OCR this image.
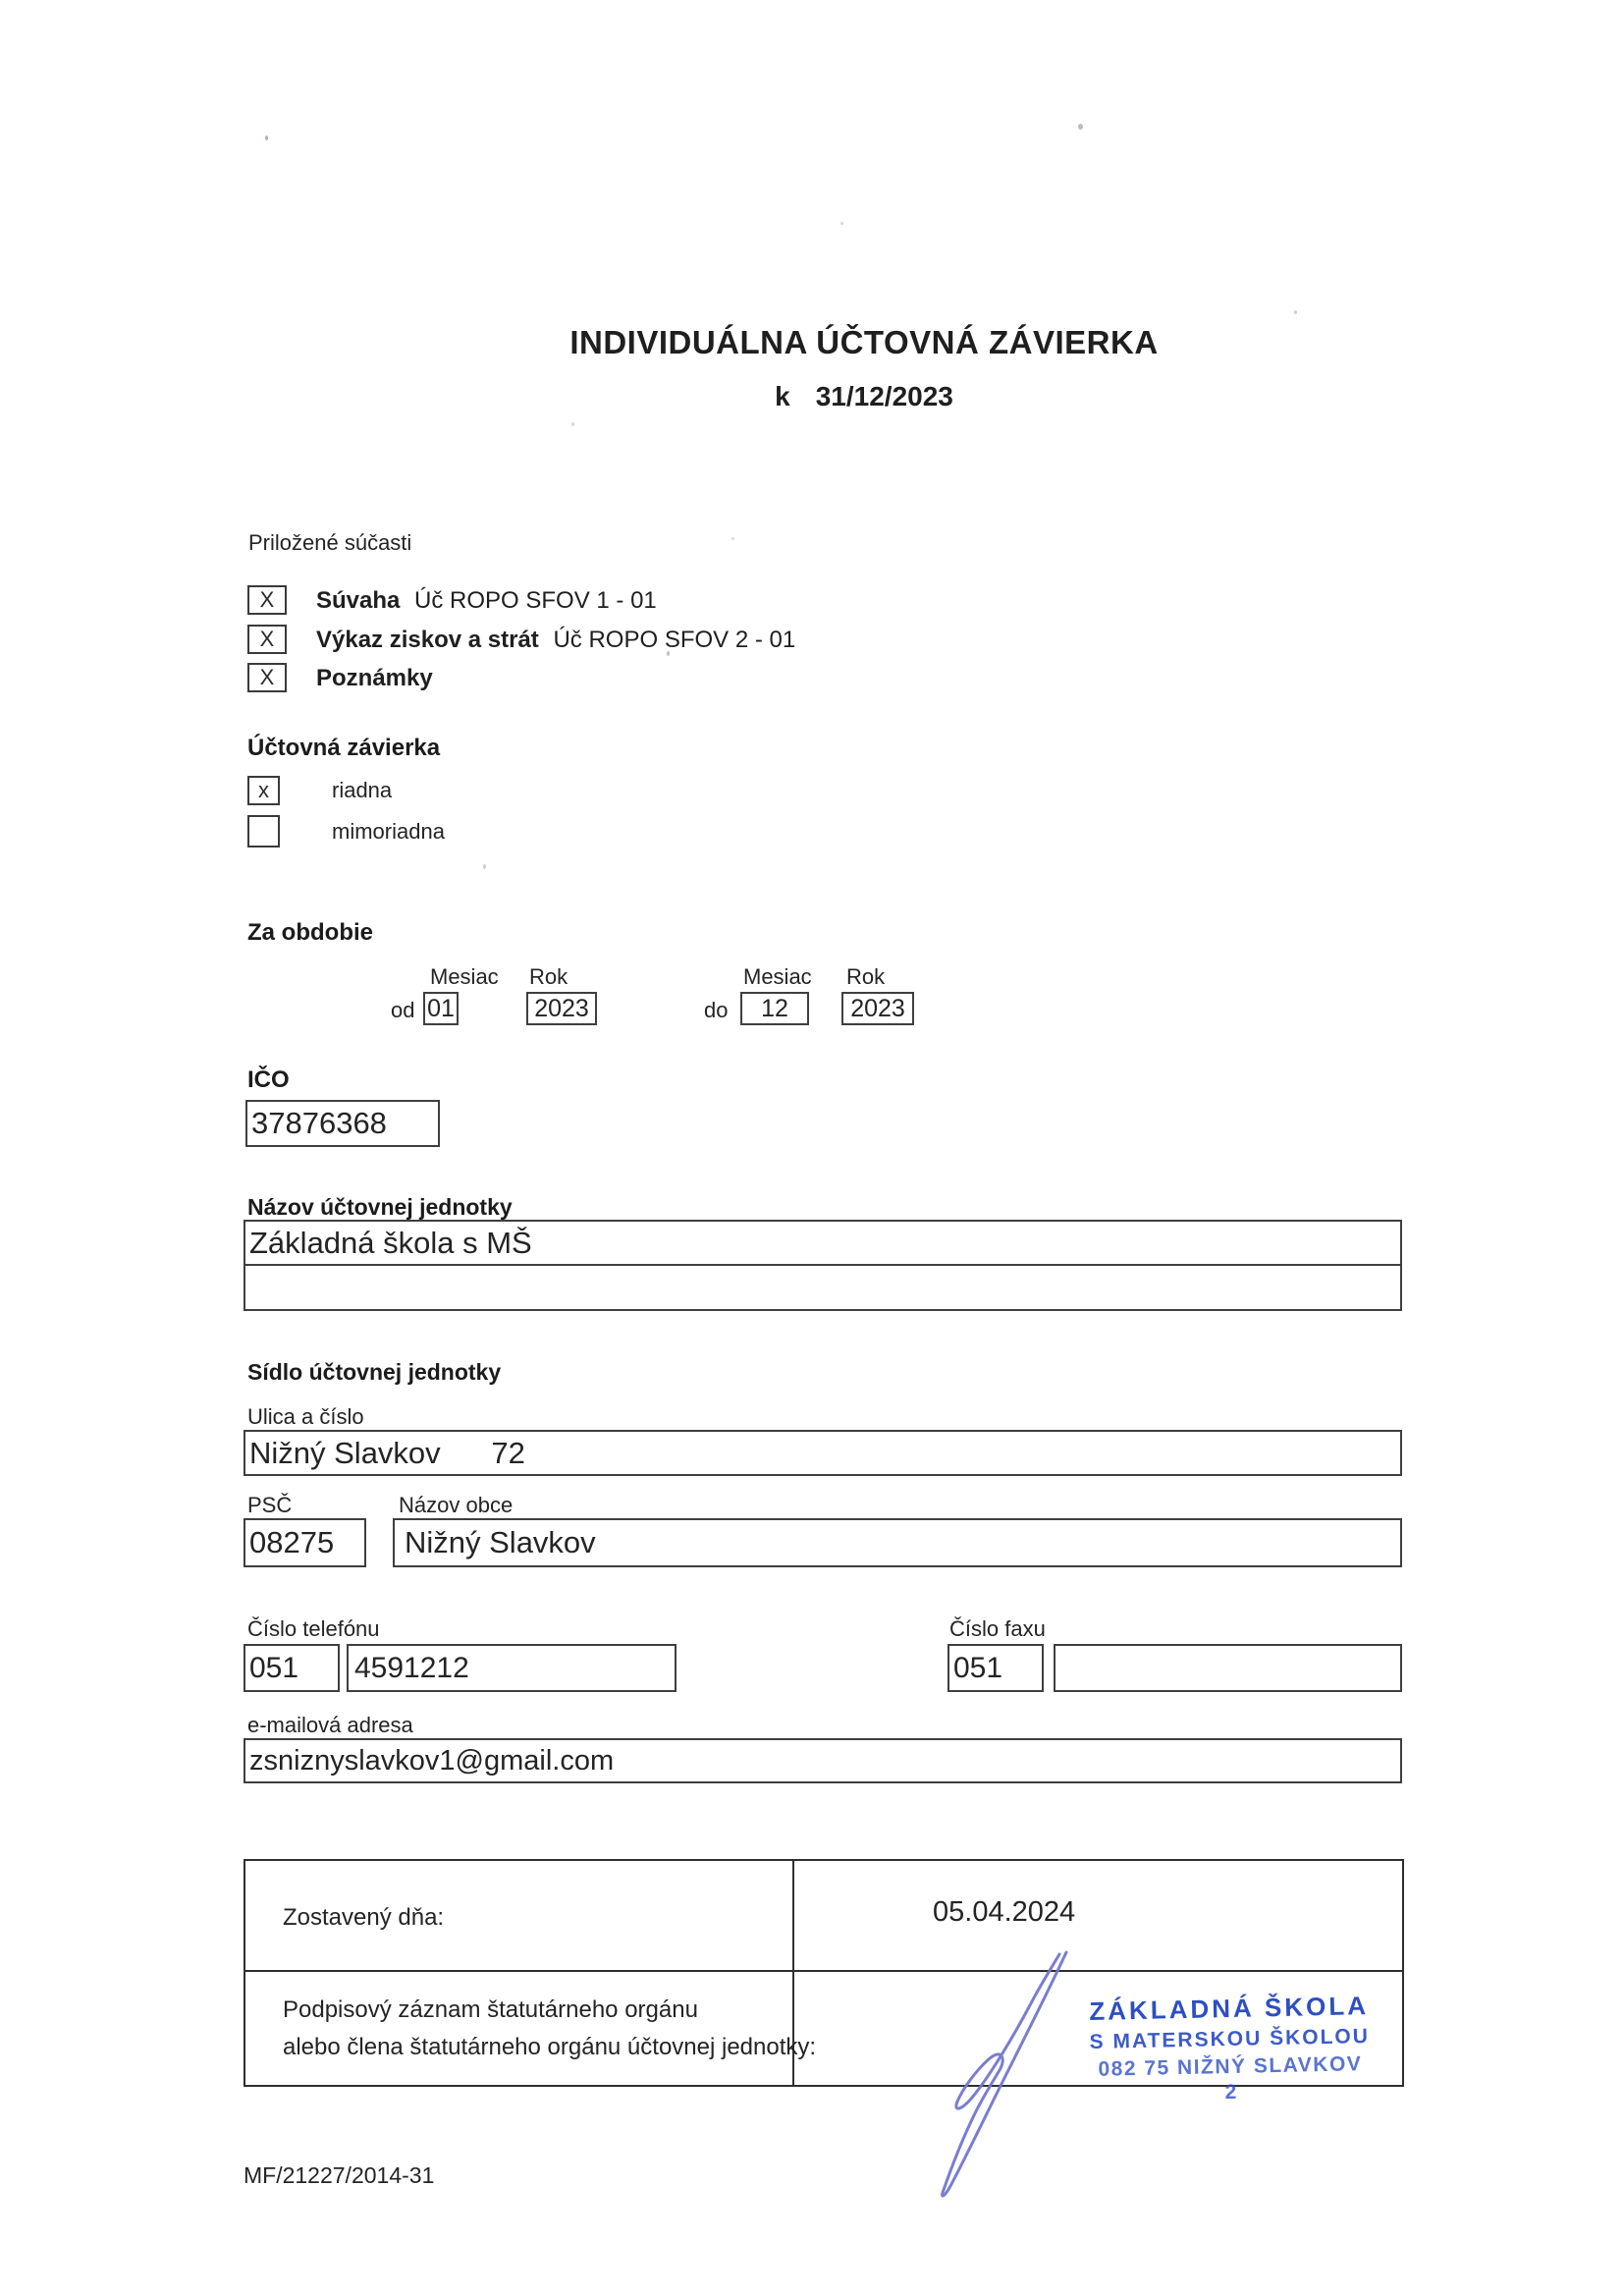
INDIVIDUÁLNA ÚČTOVNÁ ZÁVIERKA
k 31/12/2023
Priložené súčasti
X Súvaha Úč ROPO SFOV 1 - 01
X Výkaz ziskov a strát Úč ROPO SFOV 2 - 01
X Poznámky
Účtovná závierka
x	riadna
mimoriadna
Za obdobie
Mesiac Rok	Mesiac Rok
od 01	2023	do	12	2023
IČO
37876368
Názov účtovnej jednotky
Základná škola s MŠ
Sídlo účtovnej jednotky
Ulica a číslo
Nižný Slavkov      72
PSČ	Názov obce
08275	Nižný Slavkov
Číslo telefónu	Číslo faxu
051	4591212	051
e-mailová adresa
zsniznyslavkov1@gmail.com
Zostavený dňa:	05.04.2024
Podpisový záznam štatutárneho orgánu
alebo člena štatutárneho orgánu účtovnej jednotky:
ZÁKLADNÁ ŠKOLA
S MATERSKOU ŠKOLOU
082 75 NIŽNÝ SLAVKOV
2
MF/21227/2014-31
